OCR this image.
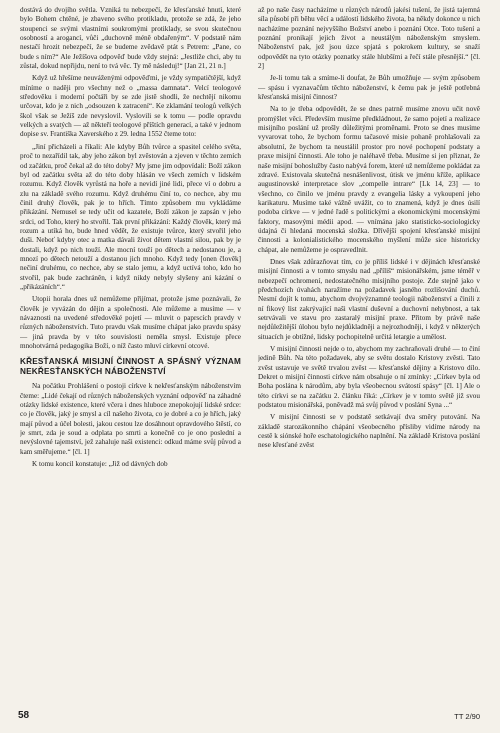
dostává do dvojího světla. Vzniká tu nebezpečí, že křesťanské hnutí, které bylo Bohem chtěné, je zbaveno svého protikladu, protože se zdá, že jeho stoupenci se svými vlastními soukromými protiklady, se svou skutečnou osobností a arogancí, vůči „duchovně méně obdařeným“. V podstatě nám nestačí hrozit nebezpečí, že se budeme zvědavě ptát s Petrem: „Pane, co bude s ním?“ Ale Ježíšova odpověď bude vždy stejná: „Jestliže chci, aby tu zůstal, dokud nepřijdu, není to tvá věc. Ty mě následuj!“ [Jan 21, 21 n.]

Když už hřešíme neuváženými odpověďmi, je vždy sympatičtější, když míníme o naději pro všechny než o „massa damnata“. Velcí teologové středověku i moderní počtáři by se zde jistě shodli, že nechtějí nikomu určovat, kdo je z nich „odsouzen k zatracení“. Ke zklamání teologů velkých škol však se Ježíš zde nevyslovil. Vyslovili se k tomu — podle opravdu velkých a svatých — až někteří teologové příštích generací, a také v jednom dopise sv. Františka Xaverského z 29. ledna 1552 čteme toto:

„Jiní přicházeli a říkali: Ale kdyby Bůh tvůrce a spasitel celého světa, proč to nezařídil tak, aby jeho zákon byl zvěstován a zjeven v těchto zemích od začátku, proč čekal až do této doby? My jsme jim odpovídali: Boží zákon byl od začátku světa až do této doby hlásán ve všech zemích v lidském rozumu. Když člověk vyrůstá na hoře a nevidí jiné lidi, přece ví o dobru a zlu na základě svého rozumu. Když druhému činí to, co nechce, aby mu činil druhý člověk, pak je to hřích. Tímto způsobem mu vykládáme přikázání. Nemusel se tedy učit od kazatele, Boží zákon je zapsán v jeho srdci, od Toho, který ho stvořil. Tak první přikázání: Každý člověk, který má rozum a utíká ho, bude hned vědět, že existuje tvůrce, který stvořil jeho duši. Neboť kdyby otec a matka dávali život dětem vlastní silou, pak by je dostali, když po nich touží. Ale mocní touží po dětech a nedostanou je, a mnozí po dětech netouží a dostanou jich mnoho. Když tedy [onen člověk] nečiní druhému, co nechce, aby se stalo jemu, a když uctívá toho, kdo ho stvořil, pak bude zachráněn, i když nikdy nebyly slyšeny ani kázání o „přikázáních“.“

Utopii horala dnes už nemůžeme přijímat, protože jsme poznávali, že člověk je vyvázán do dějin a společnosti. Ale můžeme a musíme — v návaznosti na uvedené středověké pojetí — mluvit o paprscích pravdy v různých náboženstvích. Tuto pravdu však musíme chápat jako pravdu spásy — jiná pravda by v této souvislosti neměla smysl. Existuje přece mnohotvárná pedagogika Boží, o níž často mluví církevní otcové.

KŘESŤANSKÁ MISIJNÍ ČINNOST A SPÁSNÝ VÝZNAM NEKŘESŤANSKÝCH NÁBOŽENSTVÍ

Na počátku Prohlášení o postoji církve k nekřesťanským náboženstvím čteme: „Lidé čekají od různých náboženských vyznání odpověď na záhadné otázky lidské existence, které včera i dnes hluboce znepokojují lidské srdce: co je člověk, jaký je smysl a cíl našeho života, co je dobré a co je hřích, jaký mají původ a účel bolesti, jakou cestou lze dosáhnout opravdového štěstí, co je smrt, zda je soud a odplata po smrti a konečně co je ono poslední a nevýslovné tajemství, jež zahaluje naši existenci: odkud máme svůj původ a kam směřujeme.“ [čl. 1]

K tomu koncil konstatuje: „Již od dávných dob

až po naše časy nacházíme u různých národů jakési tušení, že jistá tajemná síla působí při běhu věcí a událostí lidského života, ba někdy dokonce u nich nacházíme poznání nejvyššího Božství anebo i poznání Otce. Toto tušení a poznání pronikají jejich život a neustálým náboženským smyslem. Náboženství pak, jež jsou úzce spjatá s pokrokem kultury, se snaží odpovědět na tyto otázky poznatky stále hlubšími a řečí stále přesnější.“ [čl. 2]

Je-li tomu tak a smíme-li doufat, že Bůh umožňuje — svým způsobem — spásu i vyznavačům těchto náboženství, k čemu pak je ještě potřebná křesťanská misijní činnost?

Na to je třeba odpovědět, že se dnes patrně musíme znovu učit nově promýšlet věci. Především musíme předkládnout, že samo pojetí a realizace misijního poslání už prošly důležitými proměnami. Proto se dnes musíme vyvarovat toho, že bychom formu tačasové misie pohaně prohlašovali za absolutní, že bychom ta neustálil prostor pro nové pochopení podstaty a praxe misijní činnosti. Ale toho je naléhavě třeba. Musíme si jen přiznat, že naše misijní bohoslužby často nabývá forem, které už nemůžeme pokládat za zdravé. Existovala skutečná nesnášenlivost, útisk ve jménu kříže, aplikace augustinovské interpretace slov „compelle intrare“ [Lk 14, 23] — to všechno, co činilo ve jménu pravdy z evangelia lásky a vykoupení jeho karikaturu. Musíme také vážně uvážit, co to znamená, když je dnes úsilí podoba církve — v jedné řadě s politickými a ekonomickými mocenskými faktory, masovými médii apod. — vnímána jako statisticko-sociologicky údajná či hledaná mocenská složka. Dřívější spojení křesťanské misijní činnosti a kolonialistického mocenského myšlení může sice historicky chápat, ale nemůžeme je ospravedlnit.

Dnes však zdůrazňovat tím, co je příliš lidské i v dějinách křesťanské misijní činnosti a v tomto smyslu nad „příliš“ misionářském, jsme téměř v nebezpečí ochromení, nedostatečného misijního postoje. Zde stejně jako v předchozích úvahách naražíme na požadavek jasného rozlišování duchů. Nesmí dojít k tomu, abychom dvojvýznamné teologii náboženství a činili z ní fikový list zakrývající naši vlastní duševní a duchovní nehybnost, a tak setrvávali ve stavu pro zastaralý misijní praxe. Přitom by právě naše nejdůležitější úlohou bylo nejdůkladněji a nejrozhodněji, i když v některých situacích je obtížné, lidsky pochopitelně určitá letargie a umělost.

V misijní činnosti nejde o to, abychom my zachraňovali druhé — to činí jedině Bůh. Na této požadavek, aby se světu dostalo Kristovy zvěsti. Tato zvěst ustavuje ve světě trvalou zvěst — křesťanské dějiny a Kristovo dílo. Dekret o misijní činnosti církve nám obsahuje o ní zmínky: „Církev byla od Boha poslána k národům, aby byla všeobecnou svátostí spásy“ [čl. 1] Ale o této církvi se na začátku 2. článku říká: „Církev je v tomto světě již svou podstatou misionářská, poněvadž má svůj původ v poslání Syna ...“

V misijní činnosti se v podstatě setkávají dva směry putování. Na základě starozákonního chápání všeobecného přísliby vidíme národy na cestě k siónské hoře eschatologického naplnění. Na základě Kristova poslání nese křesťané zvěst

58	TT 2/90
